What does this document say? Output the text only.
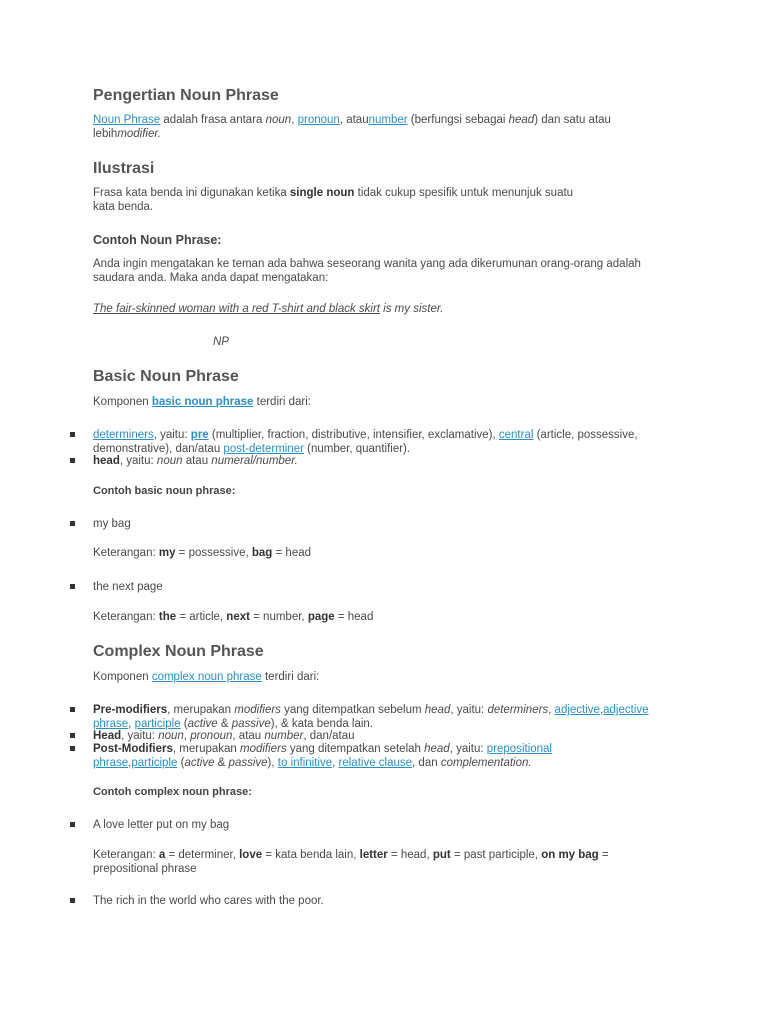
Pengertian Noun Phrase

Noun Phrase adalah frasa antara noun, pronoun, ataunumber (berfungsi sebagai head) dan satu atau
lebihmodifier.

Ilustrasi

Frasa kata benda ini digunakan ketika single noun tidak cukup spesifik untuk menunjuk suatu
kata benda.

Contoh Noun Phrase:

Anda ingin mengatakan ke teman ada bahwa seseorang wanita yang ada dikerumunan orang-orang adalah
saudara anda. Maka anda dapat mengatakan:

The fair-skinned woman with a red T-shirt and black skirt is my sister.

NP

Basic Noun Phrase

Komponen basic noun phrase terdiri dari:

determiners, yaitu: pre (multiplier, fraction, distributive, intensifier, exclamative), central (article, possessive,
demonstrative), dan/atau post-determiner (number, quantifier).

head, yaitu: noun atau numeral/number.

Contoh basic noun phrase:

my bag

Keterangan: my = possessive, bag = head

the next page

Keterangan: the = article, next = number, page = head

Complex Noun Phrase

Komponen complex noun phrase terdiri dari:

Pre-modifiers, merupakan modifiers yang ditempatkan sebelum head, yaitu: determiners, adjective,adjective
phrase, participle (active & passive), & kata benda lain.

Head, yaitu: noun, pronoun, atau number, dan/atau

Post-Modifiers, merupakan modifiers yang ditempatkan setelah head, yaitu: prepositional
phrase,participle (active & passive), to infinitive, relative clause, dan complementation.

Contoh complex noun phrase:

A love letter put on my bag

Keterangan: a = determiner, love = kata benda lain, letter = head, put = past participle, on my bag =
prepositional phrase

The rich in the world who cares with the poor.
